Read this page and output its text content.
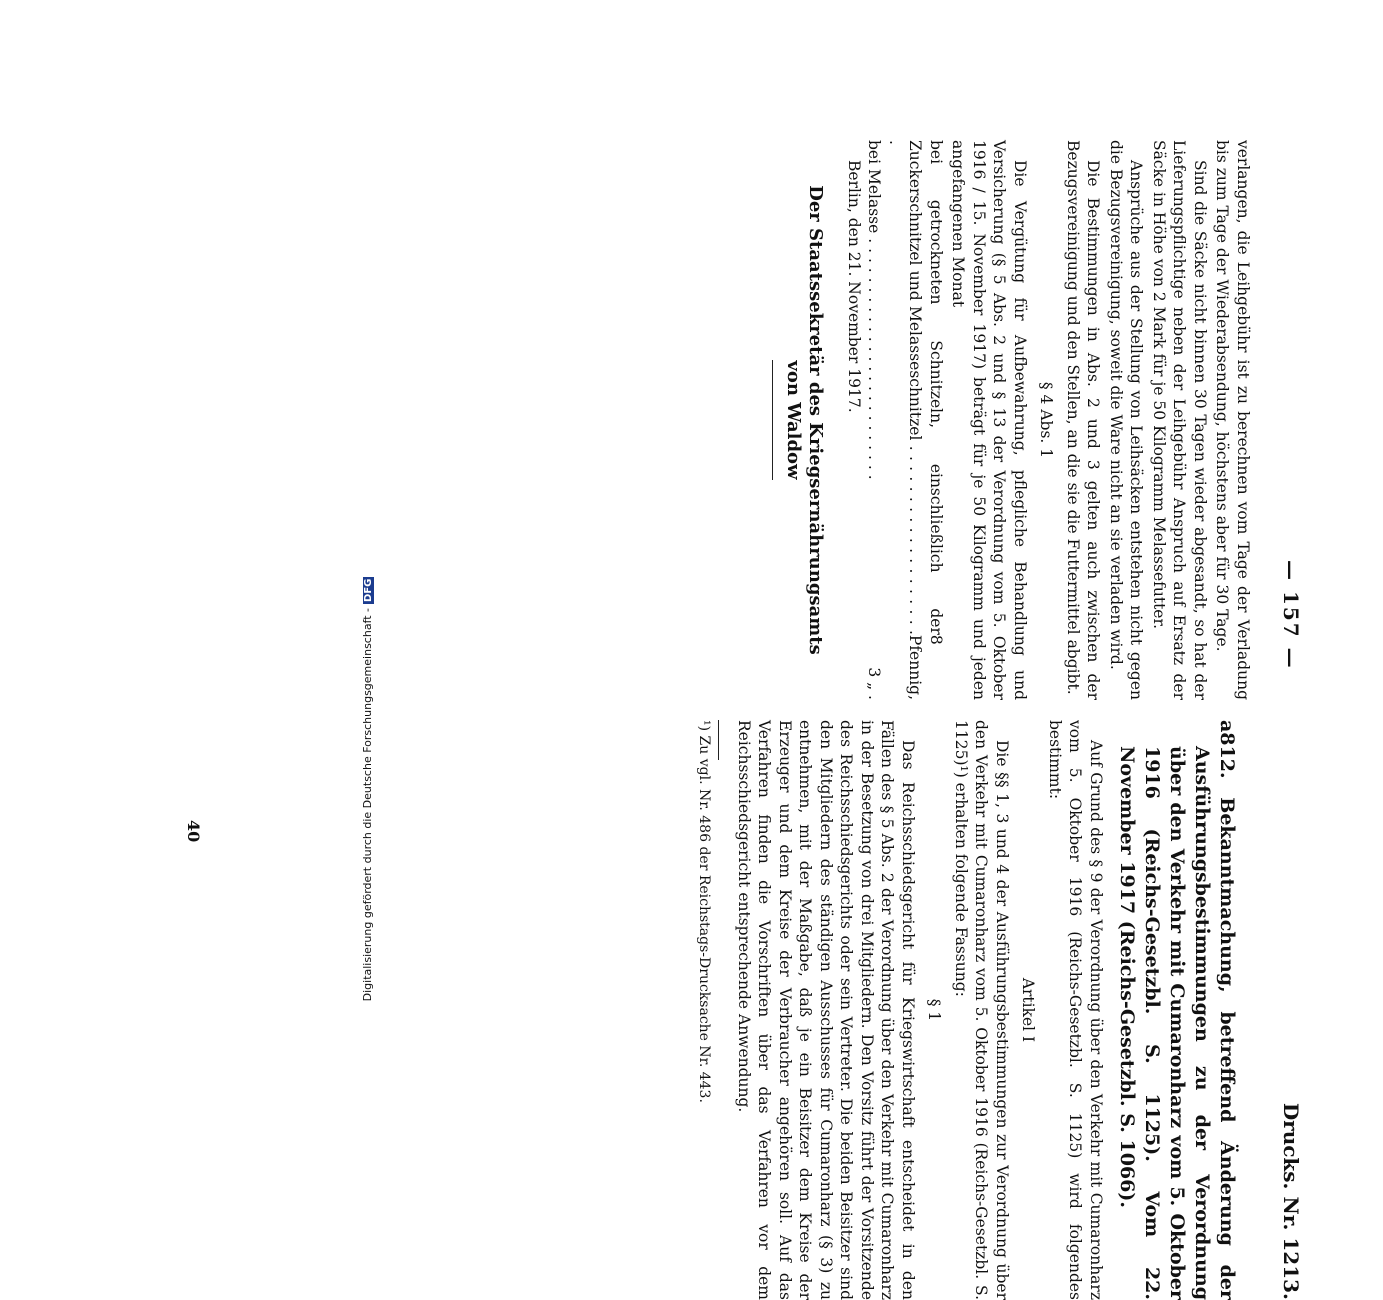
— 157 —
Drucks. Nr. 1213.

verlangen, die Leihgebühr ist zu berechnen vom Tage der Verladung bis zum Tage der Wiederabsendung, höchstens aber für 30 Tage.

Sind die Säcke nicht binnen 30 Tagen wieder abgesandt, so hat der Lieferungspflichtige neben der Leihgebühr Anspruch auf Ersatz der Säcke in Höhe von 2 Mark für je 50 Kilogramm Melassefutter.

Ansprüche aus der Stellung von Leihsäcken entstehen nicht gegen die Bezugsvereinigung, soweit die Ware nicht an sie verladen wird.

Die Bestimmungen in Abs. 2 und 3 gelten auch zwischen der Bezugsvereinigung und den Stellen, an die sie die Futtermittel abgibt.

§ 4 Abs. 1

Die Vergütung für Aufbewahrung, pflegliche Behandlung und Versicherung (§ 5 Abs. 2 und § 13 der Verordnung vom 5. Oktober 1916 / 15. November 1917) beträgt für je 50 Kilogramm und jeden angefangenen Monat

bei getrockneten Schnitzeln, einschließlich der Zuckerschnitzel und Melasseschnitzel . . . . . . . . . . . . . . . . . . . .
8 Pfennig,
bei Melasse . . . . . . . . . . . . . . . . . . . . . . . . .
3 „ .

Berlin, den 21. November 1917.

Der Staatssekretär des Kriegsernährungsamts
von Waldow
a812. Bekanntmachung, betreffend Änderung der Ausführungsbestimmungen zu der Verordnung über den Verkehr mit Cumaronharz vom 5. Oktober 1916 (Reichs-Gesetzbl. S. 1125). Vom 22. November 1917 (Reichs-Gesetzbl. S. 1066).

Auf Grund des § 9 der Verordnung über den Verkehr mit Cumaronharz vom 5. Oktober 1916 (Reichs-Gesetzbl. S. 1125) wird folgendes bestimmt:

Artikel I

Die §§ 1, 3 und 4 der Ausführungsbestimmungen zur Verordnung über den Verkehr mit Cumaronharz vom 5. Oktober 1916 (Reichs-Gesetzbl. S. 1125)¹) erhalten folgende Fassung:

§ 1

Das Reichsschiedsgericht für Kriegswirtschaft entscheidet in den Fällen des § 5 Abs. 2 der Verordnung über den Verkehr mit Cumaronharz in der Besetzung von drei Mitgliedern. Den Vorsitz führt der Vorsitzende des Reichsschiedsgerichts oder sein Vertreter. Die beiden Beisitzer sind den Mitgliedern des ständigen Ausschusses für Cumaronharz (§ 3) zu entnehmen, mit der Maßgabe, daß je ein Beisitzer dem Kreise der Erzeuger und dem Kreise der Verbraucher angehören soll. Auf das Verfahren finden die Vorschriften über das Verfahren vor dem Reichsschiedsgericht entsprechende Anwendung.

¹) Zu vgl. Nr. 486 der Reichstags-Drucksache Nr. 443.
40	Digitalisierung gefördert durch die Deutsche Forschungsgemeinschaft -DFG
